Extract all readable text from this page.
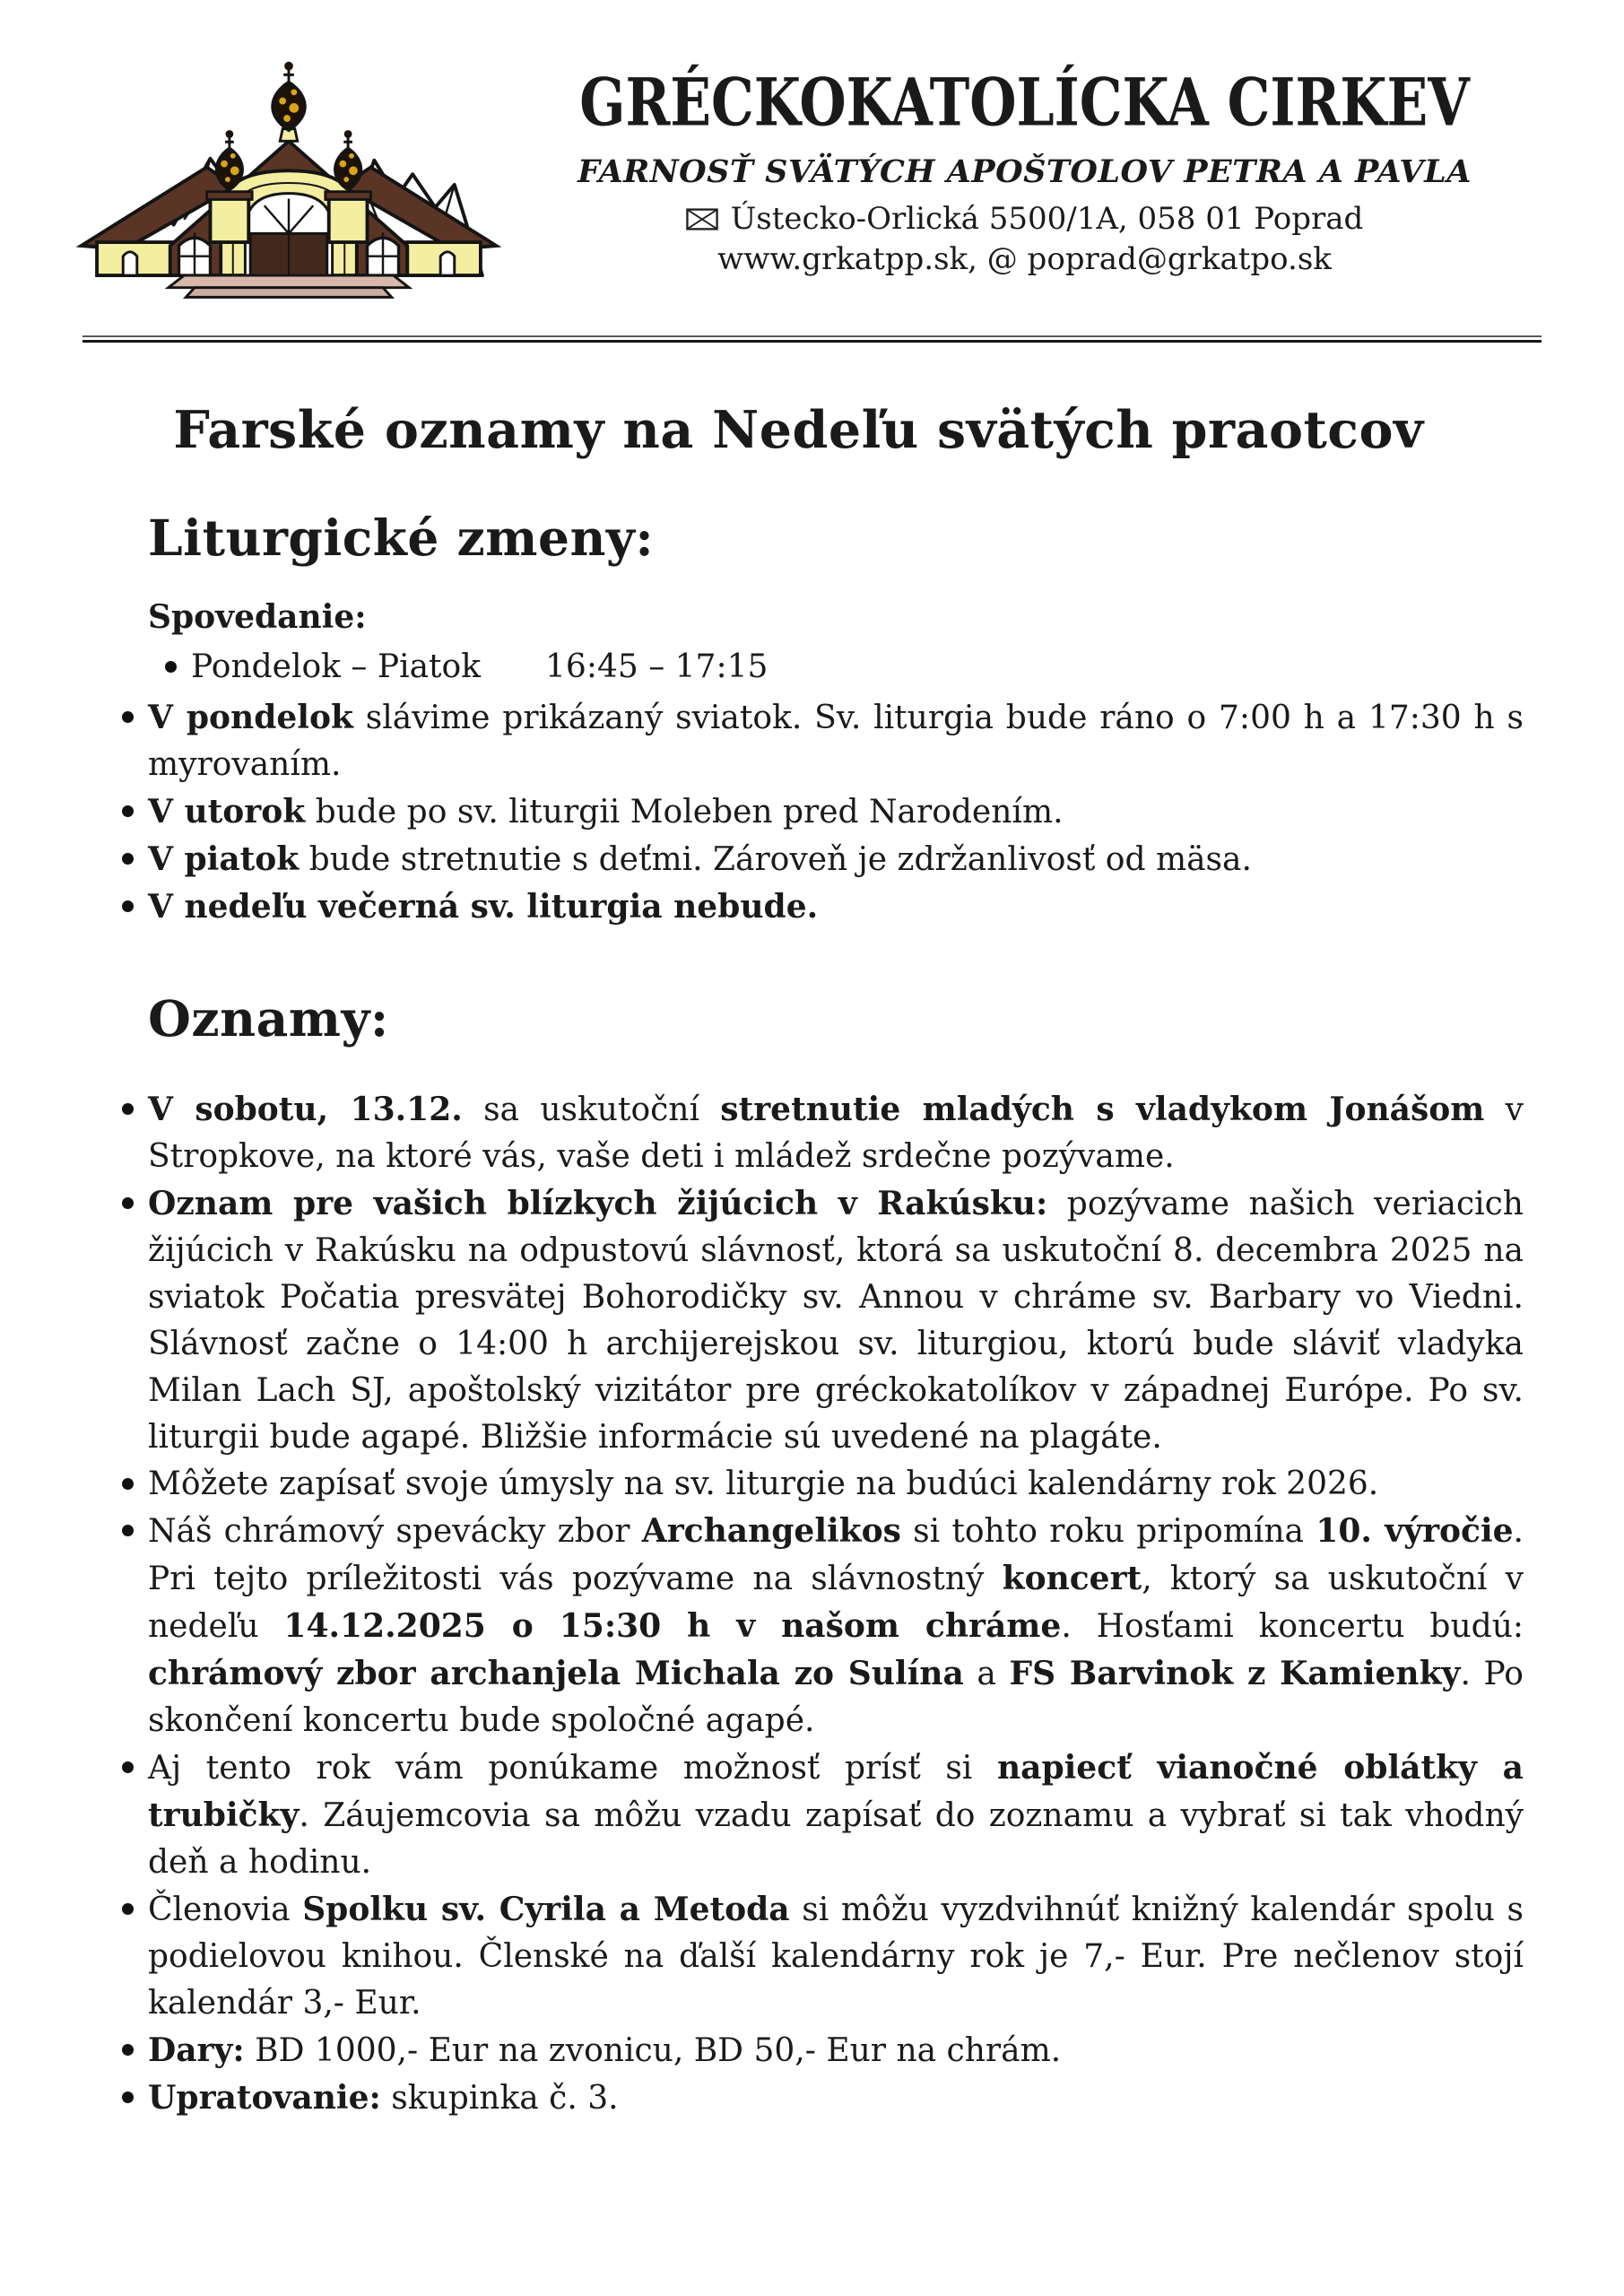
GRÉCKOKATOLÍCKA CIRKEV
FARNOSŤ SVÄTÝCH APOŠTOLOV PETRA A PAVLA
Ústecko-Orlická 5500/1A, 058 01 Poprad
www.grkatpp.sk, @ poprad@grkatpo.sk
Farské oznamy na Nedeľu svätých praotcov
Liturgické zmeny:

Spovedanie:

Pondelok – Piatok  16:45 – 17:15
V pondelok slávime prikázaný sviatok. Sv. liturgia bude ráno o 7:00 h a 17:30 h s myrovaním.
V utorok bude po sv. liturgii Moleben pred Narodením.
V piatok bude stretnutie s deťmi. Zároveň je zdržanlivosť od mäsa.
V nedeľu večerná sv. liturgia nebude.
Oznamy:
V sobotu, 13.12. sa uskutoční stretnutie mladých s vladykom Jonášom v Stropkove, na ktoré vás, vaše deti i mládež srdečne pozývame.
Oznam pre vašich blízkych žijúcich v Rakúsku: pozývame našich veriacich žijúcich v Rakúsku na odpustovú slávnosť, ktorá sa uskutoční 8. decembra 2025 na sviatok Počatia presvätej Bohorodičky sv. Annou v chráme sv. Barbary vo Viedni. Slávnosť začne o 14:00 h archijerejskou sv. liturgiou, ktorú bude sláviť vladyka Milan Lach SJ, apoštolský vizitátor pre gréckokatolíkov v západnej Európe. Po sv. liturgii bude agapé. Bližšie informácie sú uvedené na plagáte.
Môžete zapísať svoje úmysly na sv. liturgie na budúci kalendárny rok 2026.
Náš chrámový spevácky zbor Archangelikos si tohto roku pripomína 10. výročie. Pri tejto príležitosti vás pozývame na slávnostný koncert, ktorý sa uskutoční v nedeľu 14.12.2025 o 15:30 h v našom chráme. Hosťami koncertu budú: chrámový zbor archanjela Michala zo Sulína a FS Barvinok z Kamienky. Po skončení koncertu bude spoločné agapé.
Aj tento rok vám ponúkame možnosť prísť si napiecť vianočné oblátky a trubičky. Záujemcovia sa môžu vzadu zapísať do zoznamu a vybrať si tak vhodný deň a hodinu.
Členovia Spolku sv. Cyrila a Metoda si môžu vyzdvihnúť knižný kalendár spolu s podielovou knihou. Členské na ďalší kalendárny rok je 7,- Eur. Pre nečlenov stojí kalendár 3,- Eur.
Dary: BD 1000,- Eur na zvonicu, BD 50,- Eur na chrám.
Upratovanie: skupinka č. 3.
